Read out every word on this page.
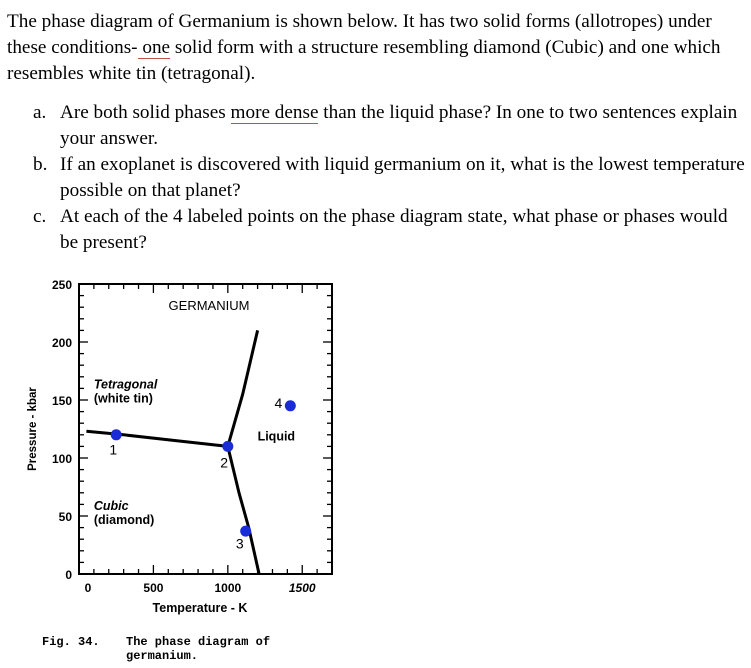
The phase diagram of Germanium is shown below. It has two solid forms (allotropes) under these conditions- one solid form with a structure resembling diamond (Cubic) and one which resembles white tin (tetragonal).

a. Are both solid phases more dense than the liquid phase? In one to two sentences explain your answer.
b. If an exoplanet is discovered with liquid germanium on it, what is the lowest temperature possible on that planet?
c. At each of the 4 labeled points on the phase diagram state, what phase or phases would be present?
0	500	1000	1500
0
50
100
150
200
250
Temperature - K
Pressure - kbar
GERMANIUM
Tetragonal
(white tin)
Cubic
(diamond)
Liquid
1
2
3
4
Fig. 34. The phase diagram of
germanium.
